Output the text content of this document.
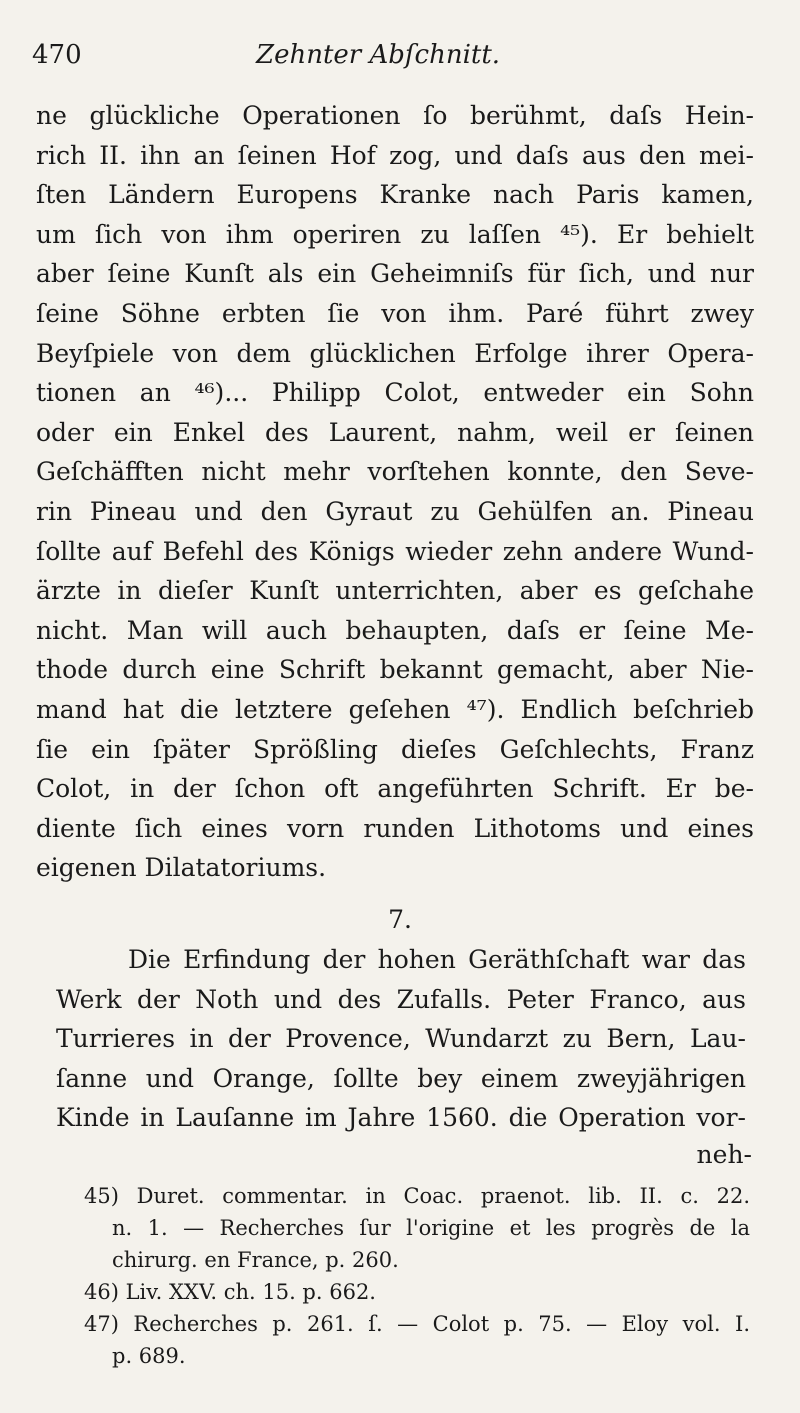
470	Zehnter Abſchnitt.
ne glückliche Operationen ſo berühmt, daſs Hein-
rich II. ihn an ſeinen Hof zog, und daſs aus den mei-
ſten Ländern Europens Kranke nach Paris kamen,
um ſich von ihm operiren zu laſſen ⁴⁵). Er behielt
aber ſeine Kunſt als ein Geheimniſs für ſich, und nur
ſeine Söhne erbten ſie von ihm. Paré führt zwey
Beyſpiele von dem glücklichen Erfolge ihrer Opera-
tionen an ⁴⁶)... Philipp Colot, entweder ein Sohn
oder ein Enkel des Laurent, nahm, weil er ſeinen
Geſchäfften nicht mehr vorſtehen konnte, den Seve-
rin Pineau und den Gyraut zu Gehülfen an. Pineau
ſollte auf Befehl des Königs wieder zehn andere Wund-
ärzte in dieſer Kunſt unterrichten, aber es geſchahe
nicht. Man will auch behaupten, daſs er ſeine Me-
thode durch eine Schrift bekannt gemacht, aber Nie-
mand hat die letztere geſehen ⁴⁷). Endlich beſchrieb
ſie ein ſpäter Sprößling dieſes Geſchlechts, Franz
Colot, in der ſchon oft angeführten Schrift. Er be-
diente ſich eines vorn runden Lithotoms und eines
eigenen Dilatatoriums.
7.
Die Erfindung der hohen Geräthſchaft war das
Werk der Noth und des Zufalls. Peter Franco, aus
Turrieres in der Provence, Wundarzt zu Bern, Lau-
ſanne und Orange, ſollte bey einem zweyjährigen
Kinde in Lauſanne im Jahre 1560. die Operation vor-
neh-
45) Duret. commentar. in Coac. praenot. lib. II. c. 22.
n. 1. — Recherches ſur l'origine et les progrès de la
chirurg. en France, p. 260.
46) Liv. XXV. ch. 15. p. 662.
47) Recherches p. 261. ſ. — Colot p. 75. — Eloy vol. I.
p. 689.
